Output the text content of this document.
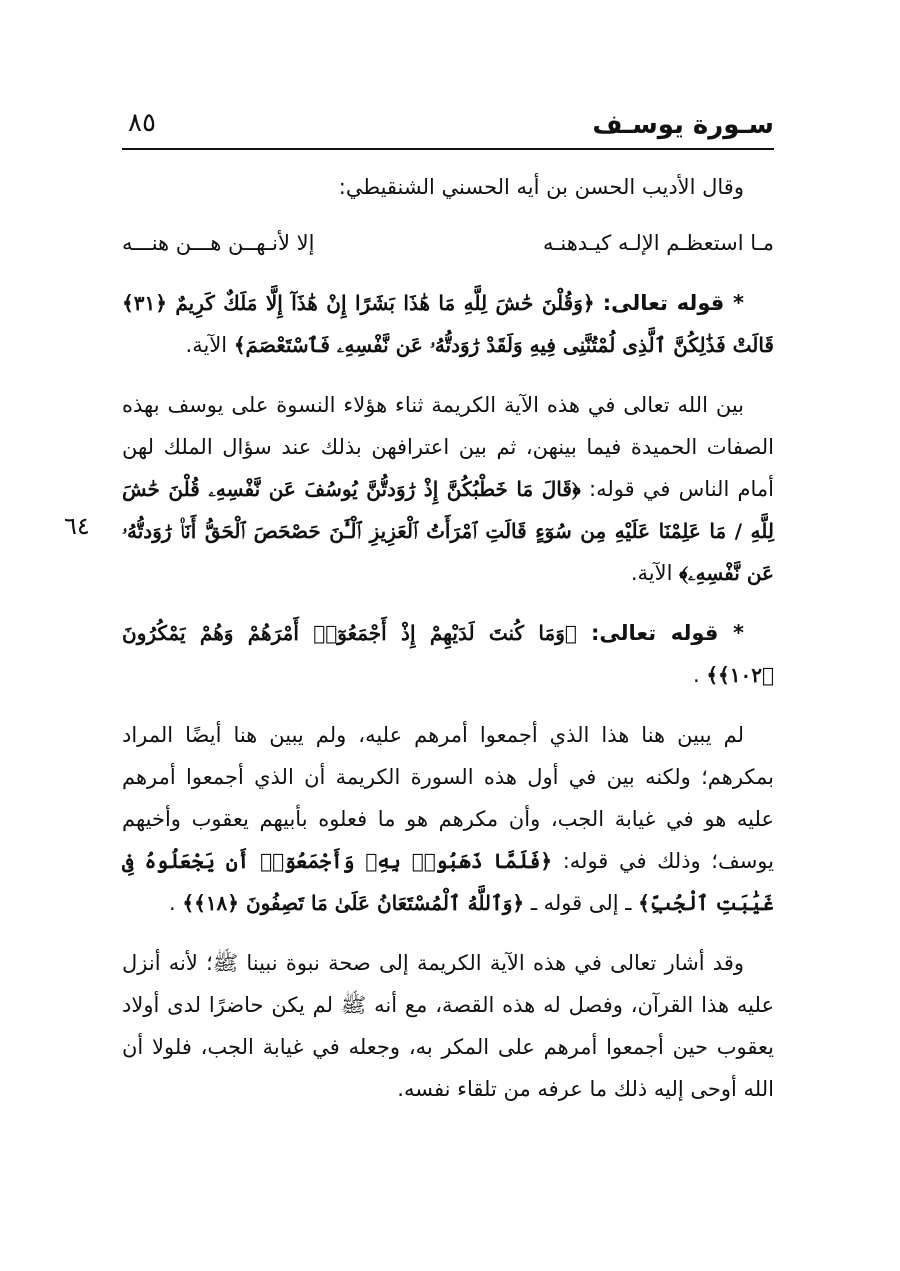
سـورة يوسـف
٨٥
٦٤

وقال الأديب الحسن بن أيه الحسني الشنقيطي:

مـا استعظـم الإلـه كيـدهنـه
إلا لأنـهــن هـــن هنـــه

* قوله تعالى: ﴿وَقُلْنَ حَٰشَ لِلَّهِ مَا هَٰذَا بَشَرًا إِنْ هَٰذَآ إِلَّا مَلَكٌ كَرِيمٌ ﴿٣١﴾ قَالَتْ فَذَٰلِكُنَّ ٱلَّذِى لُمْتُنَّنِى فِيهِ وَلَقَدْ رَٰوَدتُّهُۥ عَن نَّفْسِهِۦ فَٱسْتَعْصَمَ﴾ الآية.

بين الله تعالى في هذه الآية الكريمة ثناء هؤلاء النسوة على يوسف بهذه الصفات الحميدة فيما بينهن، ثم بين اعترافهن بذلك عند سؤال الملك لهن أمام الناس في قوله: ﴿قَالَ مَا خَطْبُكُنَّ إِذْ رَٰوَدتُّنَّ يُوسُفَ عَن نَّفْسِهِۦ قُلْنَ حَٰشَ لِلَّهِ / مَا عَلِمْنَا عَلَيْهِ مِن سُوٓءٍ قَالَتِ ٱمْرَأَتُ ٱلْعَزِيزِ ٱلْـَٰٔنَ حَصْحَصَ ٱلْحَقُّ أَنَا۠ رَٰوَدتُّهُۥ عَن نَّفْسِهِۦ﴾ الآية.

* قوله تعالى: ﴿وَمَا كُنتَ لَدَيْهِمْ إِذْ أَجْمَعُوٓا۟ أَمْرَهُمْ وَهُمْ يَمْكُرُونَ ﴿١٠٢﴾﴾ .

لم يبين هنا هذا الذي أجمعوا أمرهم عليه، ولم يبين هنا أيضًا المراد بمكرهم؛ ولكنه بين في أول هذه السورة الكريمة أن الذي أجمعوا أمرهم عليه هو في غيابة الجب، وأن مكرهم هو ما فعلوه بأبيهم يعقوب وأخيهم يوسف؛ وذلك في قوله: ﴿فَلَمَّا ذَهَبُوا۟ بِهِۦ وَأَجْمَعُوٓا۟ أَن يَجْعَلُوهُ فِى غَيَٰبَتِ ٱلْجُبِّ﴾ ـ إلى قوله ـ ﴿وَٱللَّهُ ٱلْمُسْتَعَانُ عَلَىٰ مَا تَصِفُونَ ﴿١٨﴾﴾ .

وقد أشار تعالى في هذه الآية الكريمة إلى صحة نبوة نبينا ﷺ؛ لأنه أنزل عليه هذا القرآن، وفصل له هذه القصة، مع أنه ﷺ لم يكن حاضرًا لدى أولاد يعقوب حين أجمعوا أمرهم على المكر به، وجعله في غيابة الجب، فلولا أن الله أوحى إليه ذلك ما عرفه من تلقاء نفسه.
